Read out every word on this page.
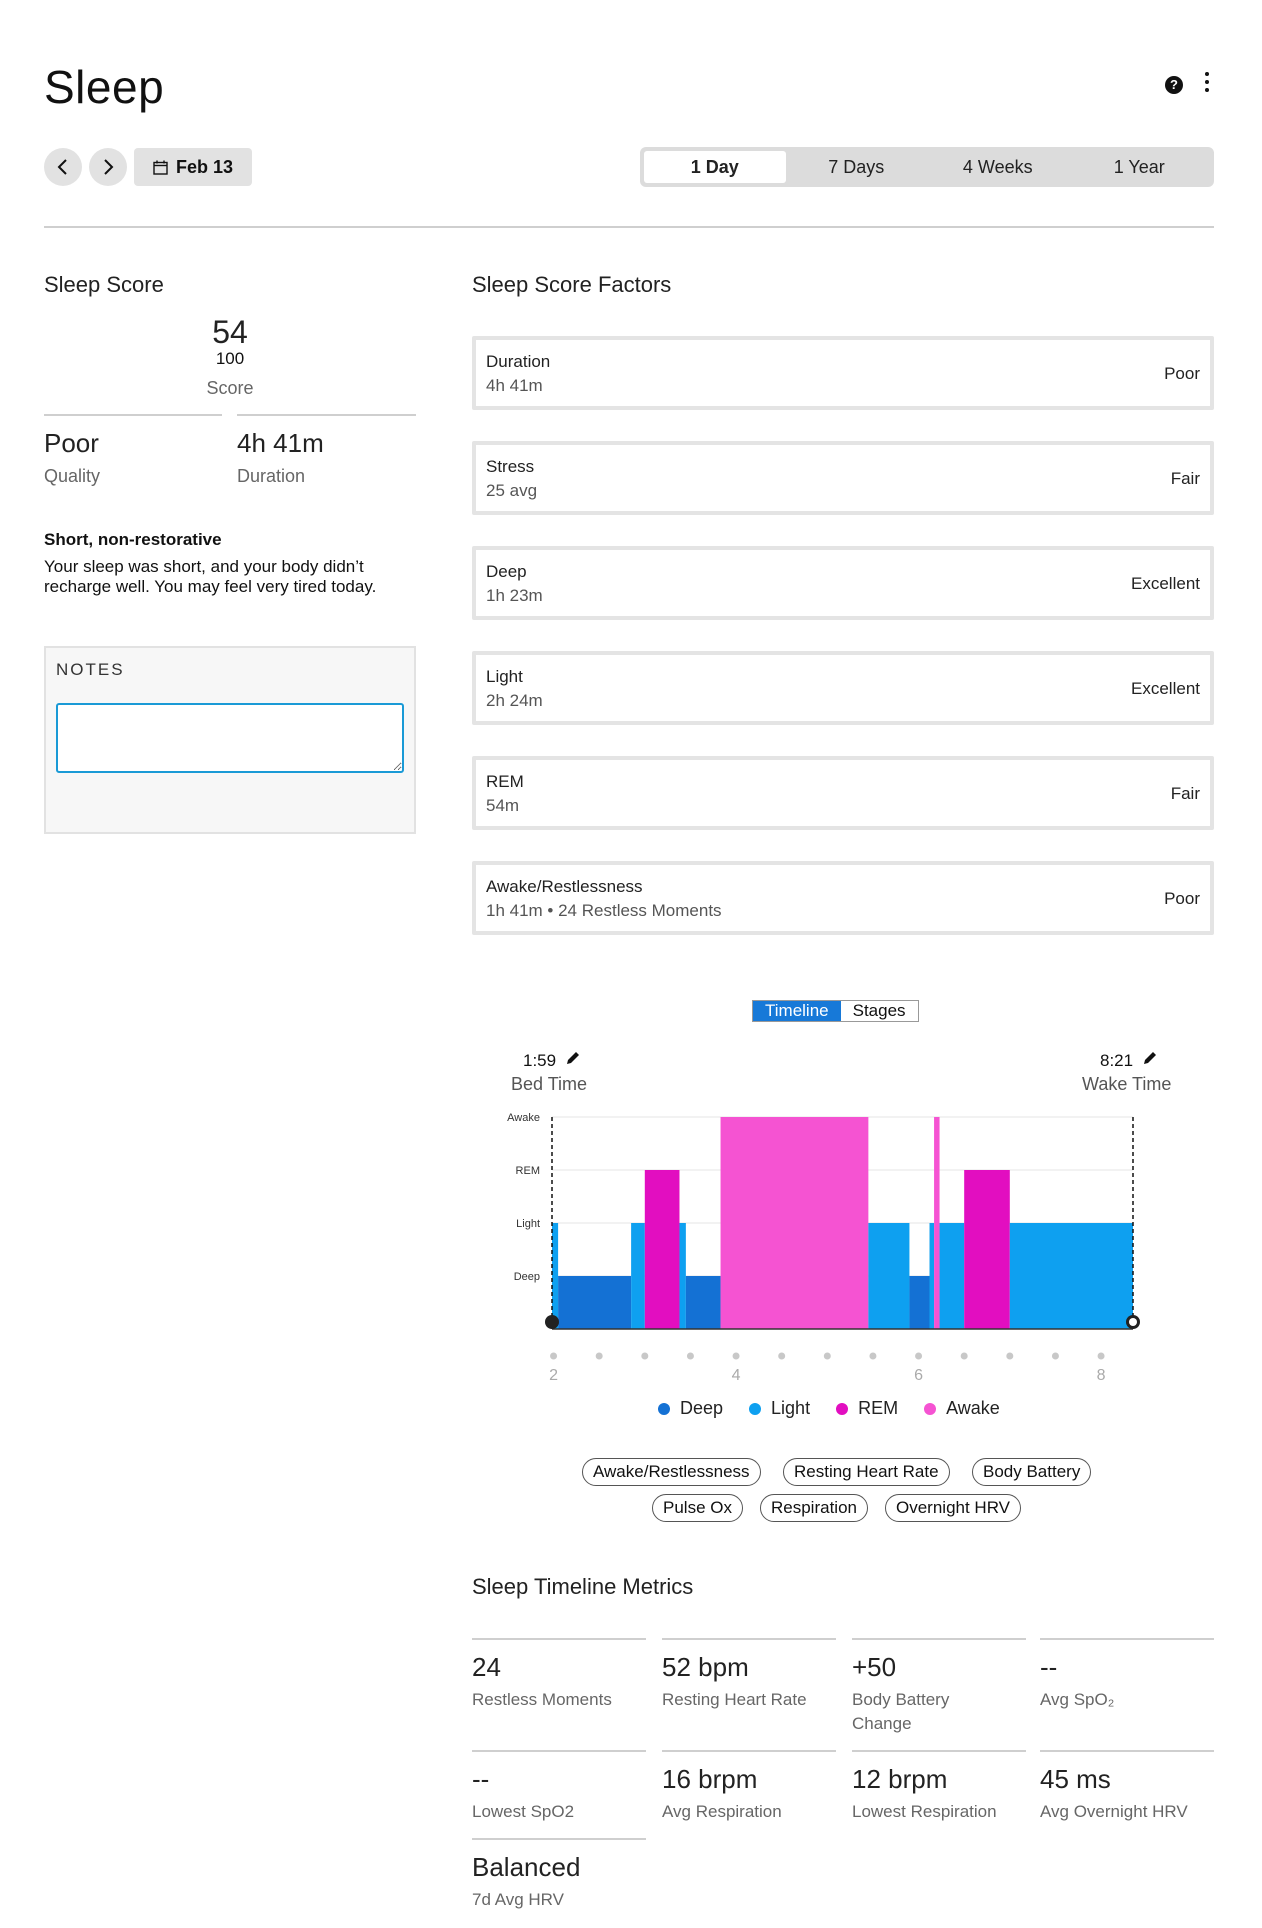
Sleep	?
Feb 13	1 Day	7 Days	4 Weeks	1 Year
Sleep Score
54
100
Score
Poor
Quality
4h 41m
Duration
Short, non-restorative
Your sleep was short, and your body didn’t recharge well. You may feel very tired today.
NOTES
Sleep Score Factors
Duration
4h 41m
Poor
Stress
25 avg
Fair
Deep
1h 23m
Excellent
Light
2h 24m
Excellent
REM
54m
Fair
Awake/Restlessness
1h 41m • 24 Restless Moments
Poor
Timeline	Stages
1:59
Bed Time
8:21
Wake Time
Deep
Light
REM
Awake
2	4	6	8
Deep	Light	REM	Awake
Awake/Restlessness	Resting Heart Rate	Body Battery
Pulse Ox	Respiration	Overnight HRV
Sleep Timeline Metrics
24
Restless Moments
52 bpm
Resting Heart Rate
+50
Body Battery Change
--
Avg SpO₂
--
Lowest SpO2
16 brpm
Avg Respiration
12 brpm
Lowest Respiration
45 ms
Avg Overnight HRV
Balanced
7d Avg HRV
